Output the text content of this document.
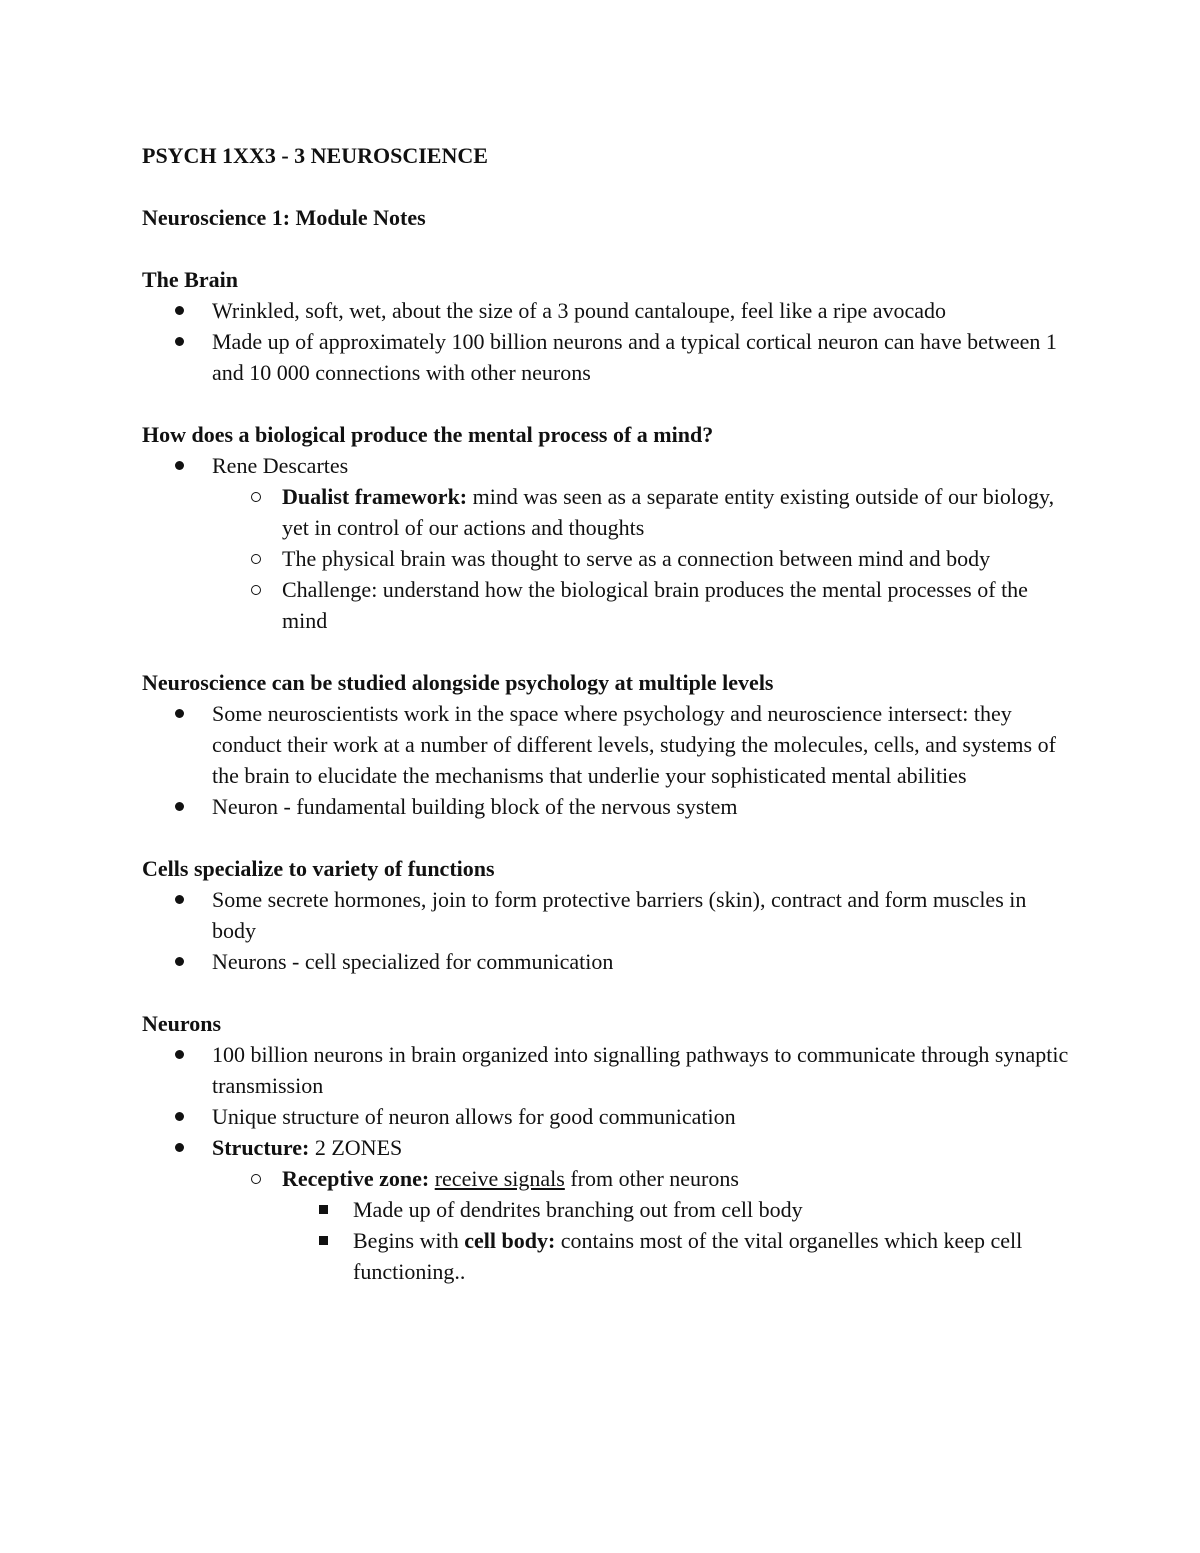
PSYCH 1XX3 - 3 NEUROSCIENCE

Neuroscience 1: Module Notes

The Brain

Wrinkled, soft, wet, about the size of a 3 pound cantaloupe, feel like a ripe avocado
Made up of approximately 100 billion neurons and a typical cortical neuron can have between 1 and 10 000 connections with other neurons

How does a biological produce the mental process of a mind?

Rene Descartes
Dualist framework: mind was seen as a separate entity existing outside of our biology, yet in control of our actions and thoughts
The physical brain was thought to serve as a connection between mind and body
Challenge: understand how the biological brain produces the mental processes of the mind

Neuroscience can be studied alongside psychology at multiple levels

Some neuroscientists work in the space where psychology and neuroscience intersect: they conduct their work at a number of different levels, studying the molecules, cells, and systems of the brain to elucidate the mechanisms that underlie your sophisticated mental abilities
Neuron - fundamental building block of the nervous system

Cells specialize to variety of functions

Some secrete hormones, join to form protective barriers (skin), contract and form muscles in body
Neurons - cell specialized for communication

Neurons

100 billion neurons in brain organized into signalling pathways to communicate through synaptic transmission
Unique structure of neuron allows for good communication
Structure: 2 ZONES
Receptive zone: receive signals from other neurons
Made up of dendrites branching out from cell body
Begins with cell body: contains most of the vital organelles which keep cell functioning..
